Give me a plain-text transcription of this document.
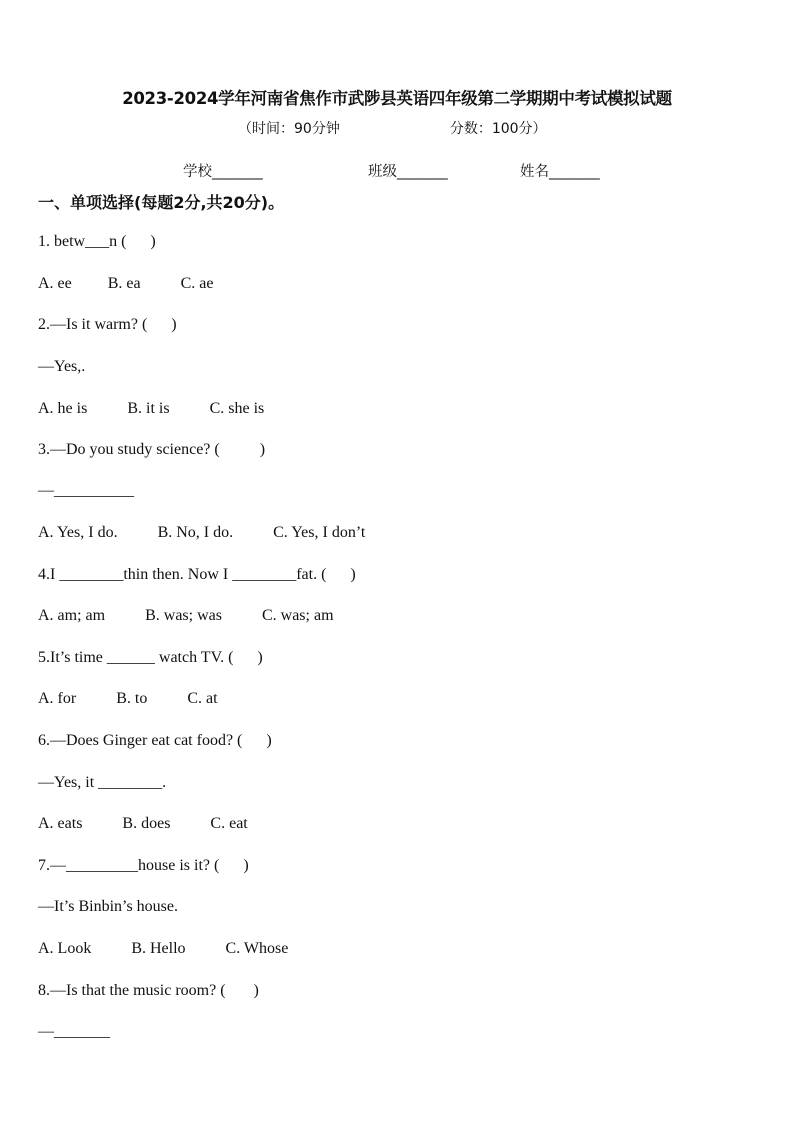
2023-2024学年河南省焦作市武陟县英语四年级第二学期期中考试模拟试题
（时间：90分钟	分数：100分）
学校_______	班级_______	姓名_______
一、单项选择(每题2分,共20分)。
1. betw___n (      )
A. ee         B. ea          C. ae
2.—Is it warm? (      )
—Yes,.
A. he is          B. it is          C. she is
3.—Do you study science? (          )
—__________
A. Yes, I do.          B. No, I do.          C. Yes, I don’t
4.I ________thin then. Now I ________fat. (      )
A. am; am          B. was; was          C. was; am
5.It’s time ______ watch TV. (      )
A. for          B. to          C. at
6.—Does Ginger eat cat food? (      )
—Yes, it ________.
A. eats          B. does          C. eat
7.—_________house is it? (      )
—It’s Binbin’s house.
A. Look          B. Hello          C. Whose
8.—Is that the music room? (       )
—_______
